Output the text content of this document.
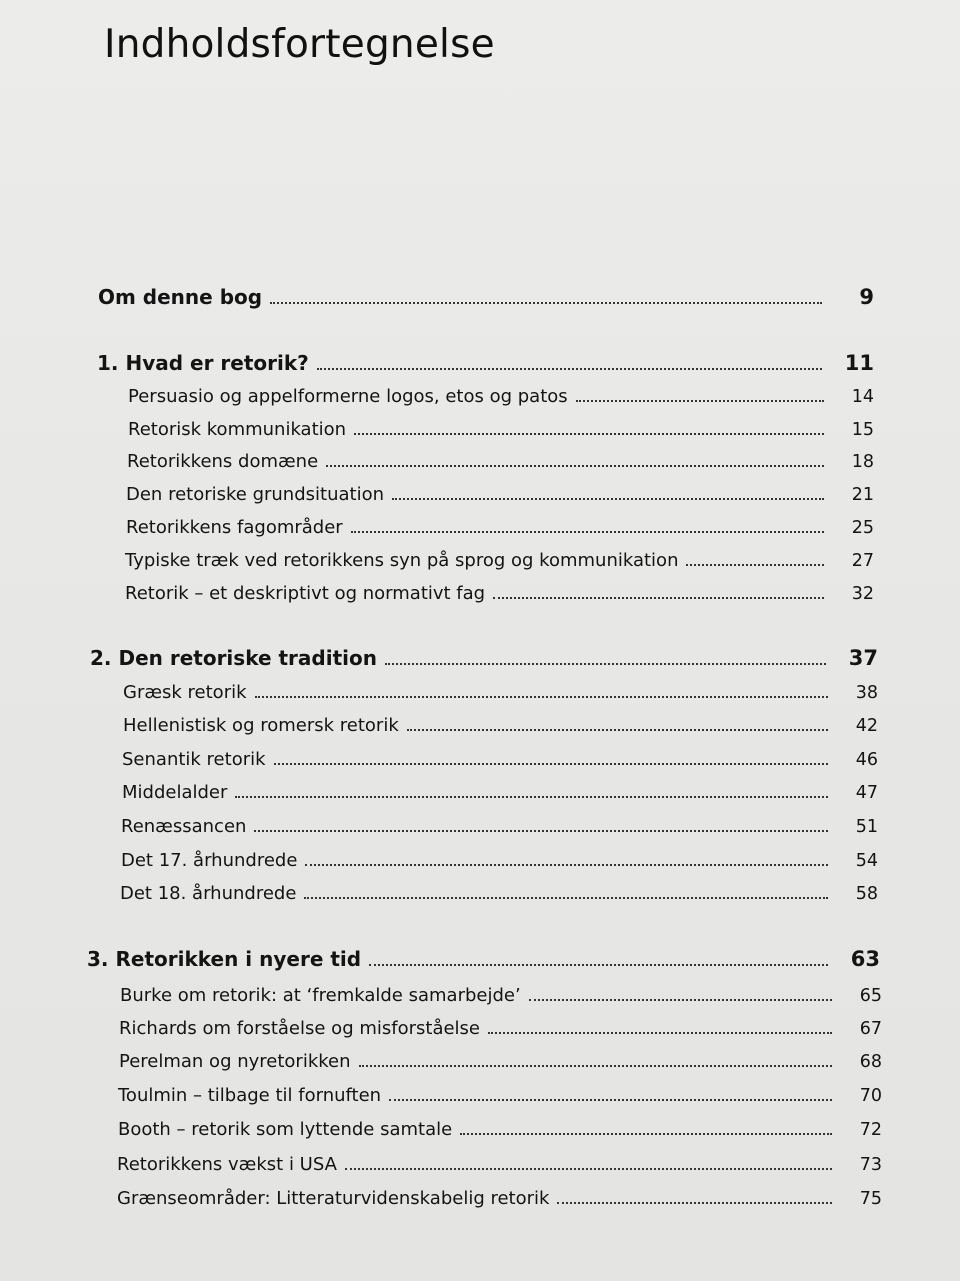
Indholdsfortegnelse
Om denne bog	9
1. Hvad er retorik?	11
Persuasio og appelformerne logos, etos og patos	14
Retorisk kommunikation	15
Retorikkens domæne	18
Den retoriske grundsituation	21
Retorikkens fagområder	25
Typiske træk ved retorikkens syn på sprog og kommunikation	27
Retorik – et deskriptivt og normativt fag	32
2. Den retoriske tradition	37
Græsk retorik	38
Hellenistisk og romersk retorik	42
Senantik retorik	46
Middelalder	47
Renæssancen	51
Det 17. århundrede	54
Det 18. århundrede	58
3. Retorikken i nyere tid	63
Burke om retorik: at ‘fremkalde samarbejde’	65
Richards om forståelse og misforståelse	67
Perelman og nyretorikken	68
Toulmin – tilbage til fornuften	70
Booth – retorik som lyttende samtale	72
Retorikkens vækst i USA	73
Grænseområder: Litteraturvidenskabelig retorik	75
